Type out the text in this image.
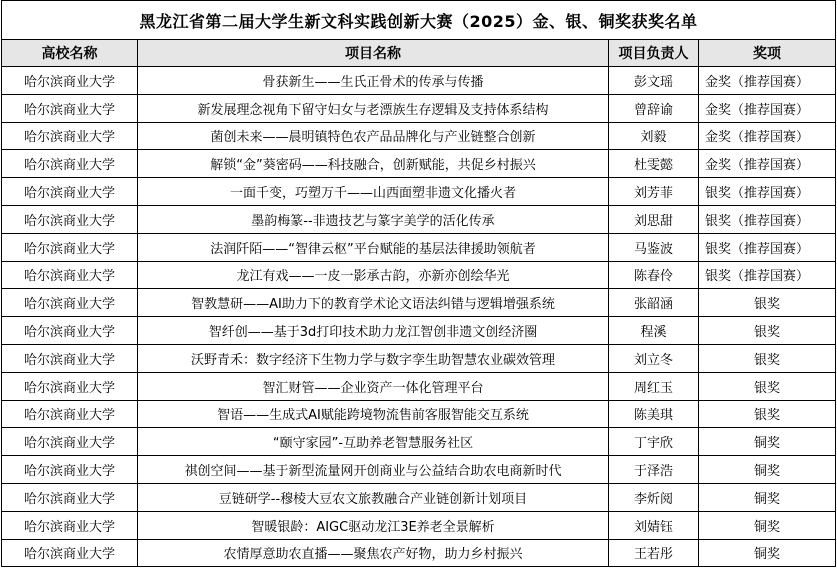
黑龙江省第二届大学生新文科实践创新大赛（2025）金、银、铜奖获奖名单			
高校名称	项目名称	项目负责人	奖项
哈尔滨商业大学	骨获新生——生氏正骨术的传承与传播	彭文瑶	金奖（推荐国赛）
哈尔滨商业大学	新发展理念视角下留守妇女与老漂族生存逻辑及支持体系结构	曾辞谕	金奖（推荐国赛）
哈尔滨商业大学	菌创未来——晨明镇特色农产品品牌化与产业链整合创新	刘毅	金奖（推荐国赛）
哈尔滨商业大学	解锁“金”葵密码——科技融合，创新赋能，共促乡村振兴	杜雯懿	金奖（推荐国赛）
哈尔滨商业大学	一面千变，巧塑万千——山西面塑非遗文化播火者	刘芳菲	银奖（推荐国赛）
哈尔滨商业大学	墨韵梅篆--非遗技艺与篆字美学的活化传承	刘思甜	银奖（推荐国赛）
哈尔滨商业大学	法润阡陌——“智律云枢”平台赋能的基层法律援助领航者	马鉴波	银奖（推荐国赛）
哈尔滨商业大学	龙江有戏——一皮一影承古韵，亦新亦创绘华光	陈春伶	银奖（推荐国赛）
哈尔滨商业大学	智教慧研——AI助力下的教育学术论文语法纠错与逻辑增强系统	张韶涵	银奖
哈尔滨商业大学	智纤创——基于3d打印技术助力龙江智创非遗文创经济圈	程溪	银奖
哈尔滨商业大学	沃野青禾：数字经济下生物力学与数字孪生助智慧农业碳效管理	刘立冬	银奖
哈尔滨商业大学	智汇财管——企业资产一体化管理平台	周红玉	银奖
哈尔滨商业大学	智语——生成式AI赋能跨境物流售前客服智能交互系统	陈美琪	银奖
哈尔滨商业大学	“颐守家园”-互助养老智慧服务社区	丁宇欣	铜奖
哈尔滨商业大学	祺创空间——基于新型流量网开创商业与公益结合助农电商新时代	于泽浩	铜奖
哈尔滨商业大学	豆链研学--穆棱大豆农文旅教融合产业链创新计划项目	李炘阅	铜奖
哈尔滨商业大学	智暖银龄：AIGC驱动龙江3E养老全景解析	刘婧钰	铜奖
哈尔滨商业大学	农情厚意助农直播——聚焦农产好物，助力乡村振兴	王若彤	铜奖
